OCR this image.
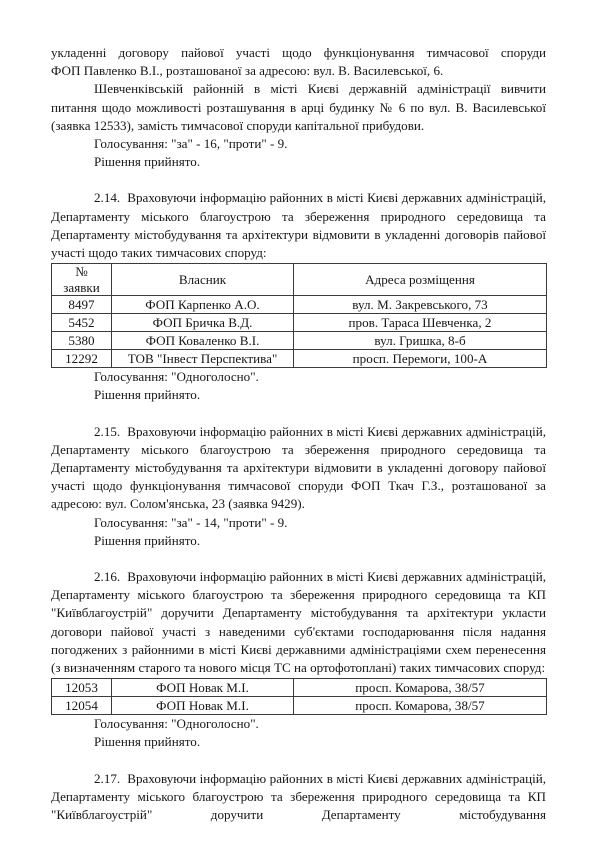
укладенні договору пайової участі щодо функціонування тимчасової споруди

ФОП Павленко В.І., розташованої за адресою: вул. В. Василевської, 6.

Шевченківській районній в місті Києві державній адміністрації вивчити питання щодо можливості розташування в арці будинку № 6 по вул. В. Василевської (заявка 12533), замість тимчасової споруди капітальної прибудови.

Голосування: "за" - 16, "проти" - 9.

Рішення прийнято.

2.14. Враховуючи інформацію районних в місті Києві державних адміністрацій, Департаменту міського благоустрою та збереження природного середовища та Департаменту містобудування та архітектури відмовити в укладенні договорів пайової участі щодо таких тимчасових споруд:

№
заявки	Власник	Адреса розміщення
8497	ФОП Карпенко А.О.	вул. М. Закревського, 73
5452	ФОП Бричка В.Д.	пров. Тараса Шевченка, 2
5380	ФОП Коваленко В.І.	вул. Гришка, 8-б
12292	ТОВ "Інвест Перспектива"	просп. Перемоги, 100-А

Голосування: "Одноголосно".

Рішення прийнято.

2.15. Враховуючи інформацію районних в місті Києві державних адміністрацій, Департаменту міського благоустрою та збереження природного середовища та Департаменту містобудування та архітектури відмовити в укладенні договору пайової участі щодо функціонування тимчасової споруди ФОП Ткач Г.З., розташованої за адресою: вул. Солом'янська, 23 (заявка 9429).

Голосування: "за" - 14, "проти" - 9.

Рішення прийнято.

2.16. Враховуючи інформацію районних в місті Києві державних адміністрацій, Департаменту міського благоустрою та збереження природного середовища та КП "Київблагоустрій" доручити Департаменту містобудування та архітектури укласти договори пайової участі з наведеними суб'єктами господарювання після надання погоджених з районними в місті Києві державними адміністраціями схем перенесення (з визначенням старого та нового місця ТС на ортофотоплані) таких тимчасових споруд:

12053	ФОП Новак М.І.	просп. Комарова, 38/57
12054	ФОП Новак М.І.	просп. Комарова, 38/57

Голосування: "Одноголосно".

Рішення прийнято.

2.17. Враховуючи інформацію районних в місті Києві державних адміністрацій, Департаменту міського благоустрою та збереження природного середовища та КП "Київблагоустрій" доручити Департаменту містобудування
